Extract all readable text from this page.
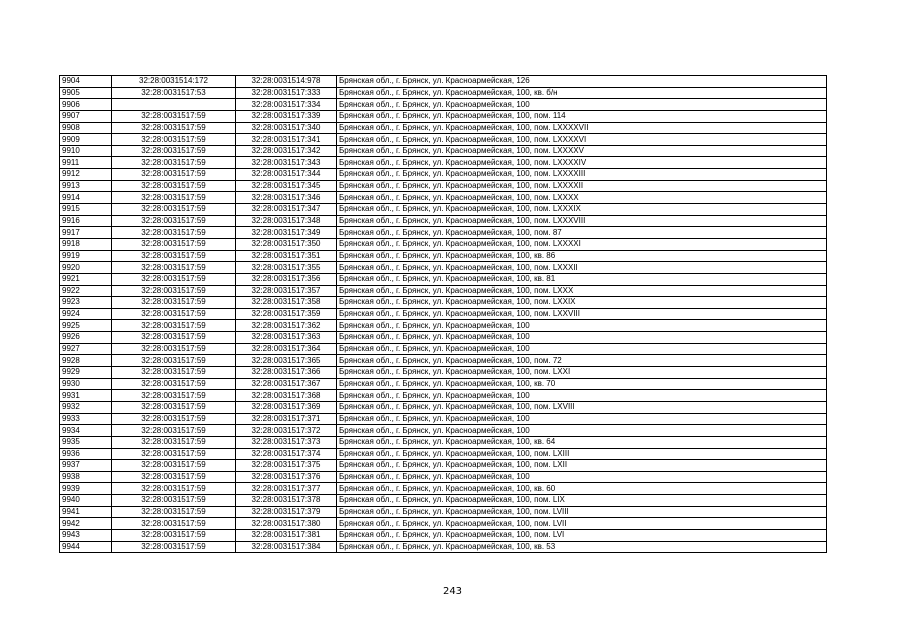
9904	32:28:0031514:172	32:28:0031514:978	Брянская обл., г. Брянск, ул. Красноармейская, 126
9905	32:28:0031517:53	32:28:0031517:333	Брянская обл., г. Брянск, ул. Красноармейская, 100, кв. б/н
9906		32:28:0031517:334	Брянская обл., г. Брянск, ул. Красноармейская, 100
9907	32:28:0031517:59	32:28:0031517:339	Брянская обл., г. Брянск, ул. Красноармейская, 100, пом. 114
9908	32:28:0031517:59	32:28:0031517:340	Брянская обл., г. Брянск, ул. Красноармейская, 100, пом. LXXXXVII
9909	32:28:0031517:59	32:28:0031517:341	Брянская обл., г. Брянск, ул. Красноармейская, 100, пом. LXXXXVI
9910	32:28:0031517:59	32:28:0031517:342	Брянская обл., г. Брянск, ул. Красноармейская, 100, пом. LXXXXV
9911	32:28:0031517:59	32:28:0031517:343	Брянская обл., г. Брянск, ул. Красноармейская, 100, пом. LXXXXIV
9912	32:28:0031517:59	32:28:0031517:344	Брянская обл., г. Брянск, ул. Красноармейская, 100, пом. LXXXXIII
9913	32:28:0031517:59	32:28:0031517:345	Брянская обл., г. Брянск, ул. Красноармейская, 100, пом. LXXXXII
9914	32:28:0031517:59	32:28:0031517:346	Брянская обл., г. Брянск, ул. Красноармейская, 100, пом. LXXXX
9915	32:28:0031517:59	32:28:0031517:347	Брянская обл., г. Брянск, ул. Красноармейская, 100, пом. LXXXIX
9916	32:28:0031517:59	32:28:0031517:348	Брянская обл., г. Брянск, ул. Красноармейская, 100, пом. LXXXVIII
9917	32:28:0031517:59	32:28:0031517:349	Брянская обл., г. Брянск, ул. Красноармейская, 100, пом. 87
9918	32:28:0031517:59	32:28:0031517:350	Брянская обл., г. Брянск, ул. Красноармейская, 100, пом. LXXXXI
9919	32:28:0031517:59	32:28:0031517:351	Брянская обл., г. Брянск, ул. Красноармейская, 100, кв. 86
9920	32:28:0031517:59	32:28:0031517:355	Брянская обл., г. Брянск, ул. Красноармейская, 100, пом. LXXXII
9921	32:28:0031517:59	32:28:0031517:356	Брянская обл., г. Брянск, ул. Красноармейская, 100, кв. 81
9922	32:28:0031517:59	32:28:0031517:357	Брянская обл., г. Брянск, ул. Красноармейская, 100, пом. LXXX
9923	32:28:0031517:59	32:28:0031517:358	Брянская обл., г. Брянск, ул. Красноармейская, 100, пом. LXXIX
9924	32:28:0031517:59	32:28:0031517:359	Брянская обл., г. Брянск, ул. Красноармейская, 100, пом. LXXVIII
9925	32:28:0031517:59	32:28:0031517:362	Брянская обл., г. Брянск, ул. Красноармейская, 100
9926	32:28:0031517:59	32:28:0031517:363	Брянская обл., г. Брянск, ул. Красноармейская, 100
9927	32:28:0031517:59	32:28:0031517:364	Брянская обл., г. Брянск, ул. Красноармейская, 100
9928	32:28:0031517:59	32:28:0031517:365	Брянская обл., г. Брянск, ул. Красноармейская, 100, пом. 72
9929	32:28:0031517:59	32:28:0031517:366	Брянская обл., г. Брянск, ул. Красноармейская, 100, пом. LXXI
9930	32:28:0031517:59	32:28:0031517:367	Брянская обл., г. Брянск, ул. Красноармейская, 100, кв. 70
9931	32:28:0031517:59	32:28:0031517:368	Брянская обл., г. Брянск, ул. Красноармейская, 100
9932	32:28:0031517:59	32:28:0031517:369	Брянская обл., г. Брянск, ул. Красноармейская, 100, пом. LXVIII
9933	32:28:0031517:59	32:28:0031517:371	Брянская обл., г. Брянск, ул. Красноармейская, 100
9934	32:28:0031517:59	32:28:0031517:372	Брянская обл., г. Брянск, ул. Красноармейская, 100
9935	32:28:0031517:59	32:28:0031517:373	Брянская обл., г. Брянск, ул. Красноармейская, 100, кв. 64
9936	32:28:0031517:59	32:28:0031517:374	Брянская обл., г. Брянск, ул. Красноармейская, 100, пом. LXIII
9937	32:28:0031517:59	32:28:0031517:375	Брянская обл., г. Брянск, ул. Красноармейская, 100, пом. LXII
9938	32:28:0031517:59	32:28:0031517:376	Брянская обл., г. Брянск, ул. Красноармейская, 100
9939	32:28:0031517:59	32:28:0031517:377	Брянская обл., г. Брянск, ул. Красноармейская, 100, кв. 60
9940	32:28:0031517:59	32:28:0031517:378	Брянская обл., г. Брянск, ул. Красноармейская, 100, пом. LIX
9941	32:28:0031517:59	32:28:0031517:379	Брянская обл., г. Брянск, ул. Красноармейская, 100, пом. LVIII
9942	32:28:0031517:59	32:28:0031517:380	Брянская обл., г. Брянск, ул. Красноармейская, 100, пом. LVII
9943	32:28:0031517:59	32:28:0031517:381	Брянская обл., г. Брянск, ул. Красноармейская, 100, пом. LVI
9944	32:28:0031517:59	32:28:0031517:384	Брянская обл., г. Брянск, ул. Красноармейская, 100, кв. 53
243
